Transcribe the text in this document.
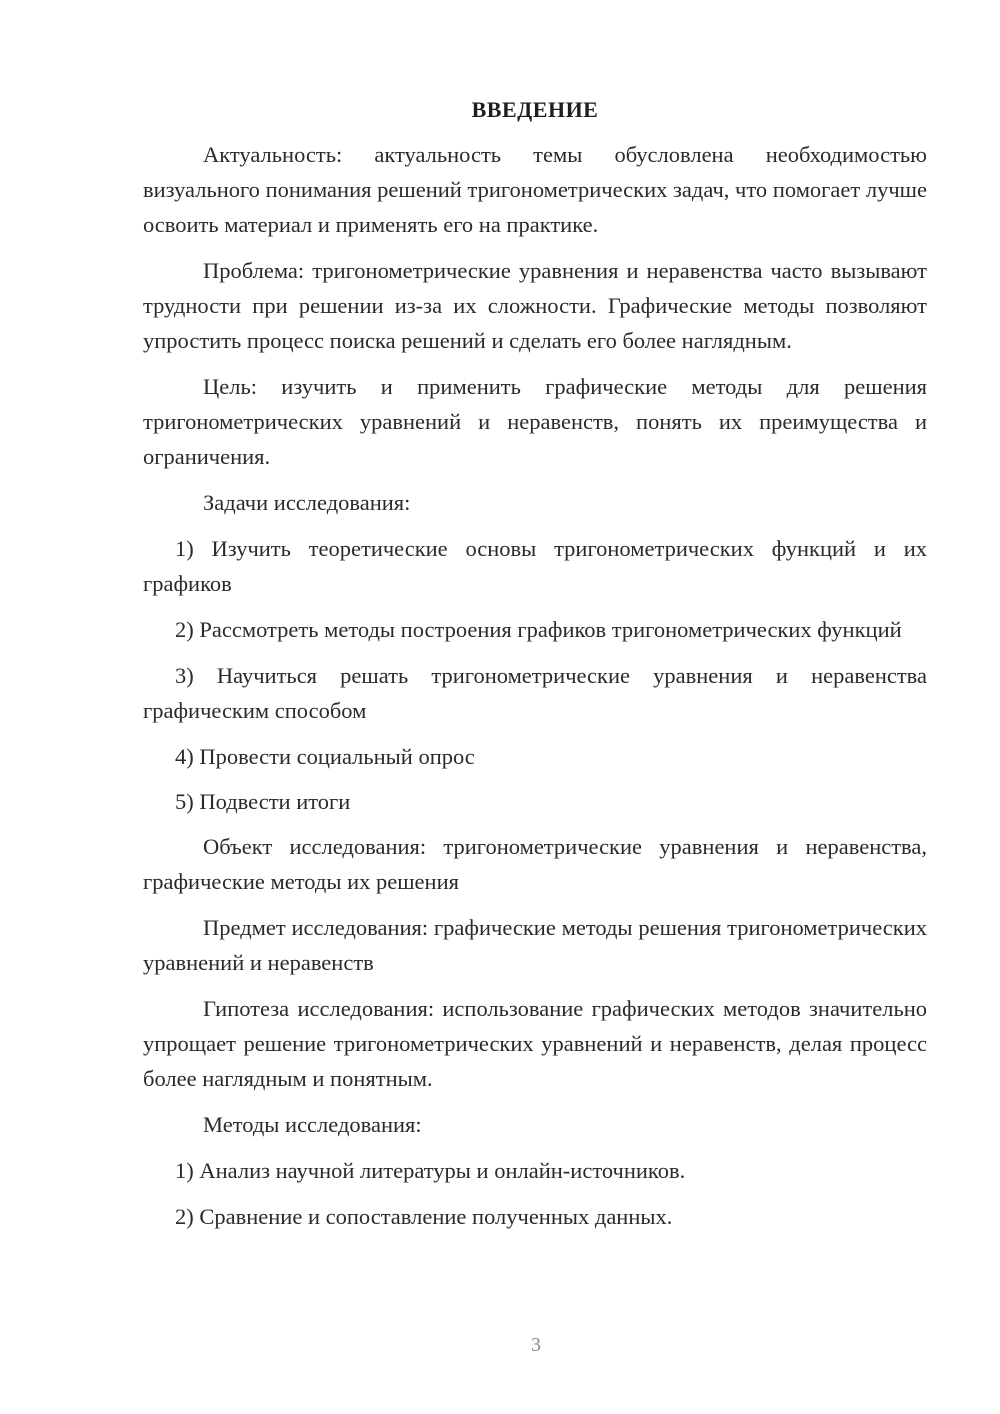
ВВЕДЕНИЕ

Актуальность: актуальность темы обусловлена необходимостью визуального понимания решений тригонометрических задач, что помогает лучше освоить материал и применять его на практике.

Проблема: тригонометрические уравнения и неравенства часто вызывают трудности при решении из-за их сложности. Графические методы позволяют упростить процесс поиска решений и сделать его более наглядным.

Цель: изучить и применить графические методы для решения тригонометрических уравнений и неравенств, понять их преимущества и ограничения.

Задачи исследования:

1) Изучить теоретические основы тригонометрических функций и их графиков

2) Рассмотреть методы построения графиков тригонометрических функций

3) Научиться решать тригонометрические уравнения и неравенства графическим способом

4) Провести социальный опрос

5) Подвести итоги

Объект исследования: тригонометрические уравнения и неравенства, графические методы их решения

Предмет исследования: графические методы решения тригонометрических уравнений и неравенств

Гипотеза исследования: использование графических методов значительно упрощает решение тригонометрических уравнений и неравенств, делая процесс более наглядным и понятным.

Методы исследования:

1) Анализ научной литературы и онлайн-источников.

2) Сравнение и сопоставление полученных данных.

3
